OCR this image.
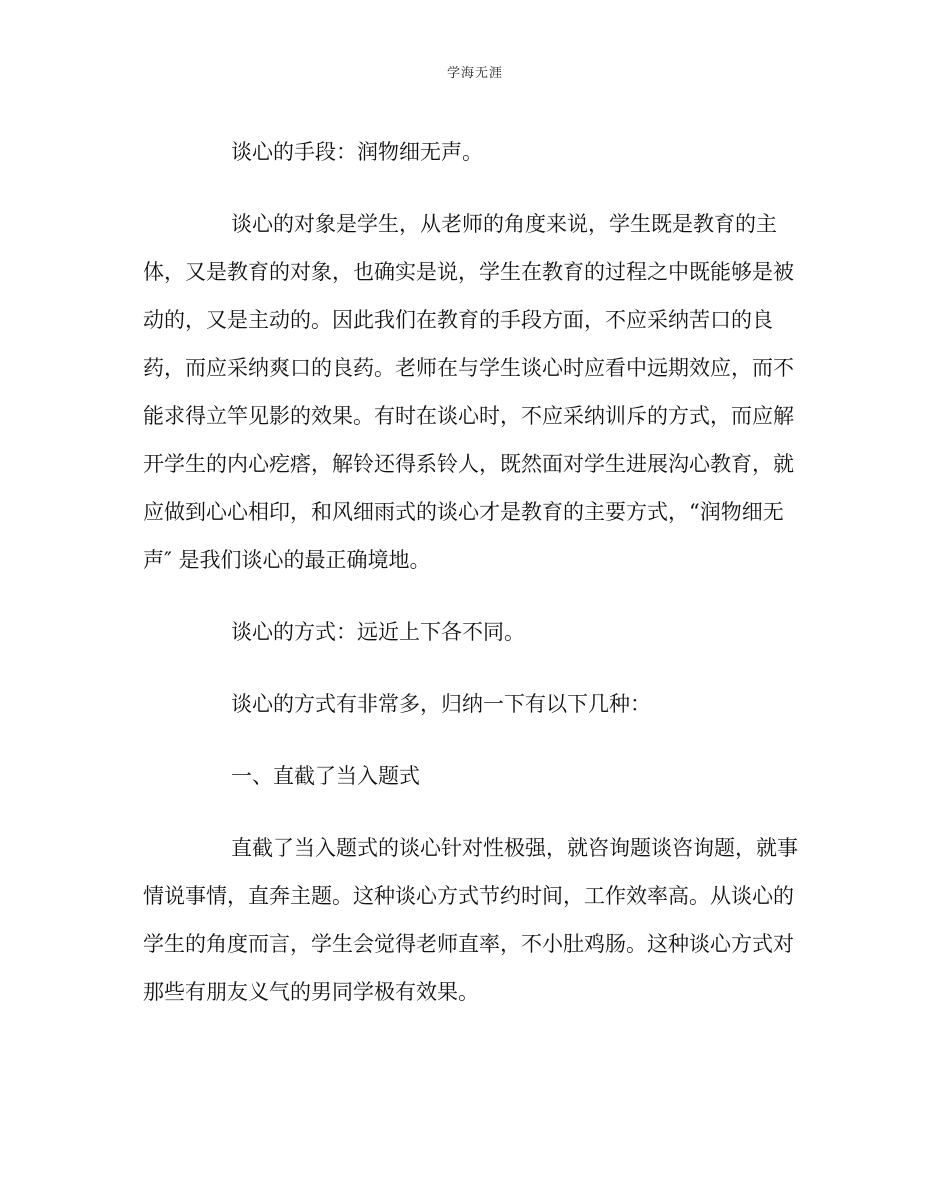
学海无涯

谈心的手段：润物细无声。

谈心的对象是学生，从老师的角度来说，学生既是教育的主体，又是教育的对象，也确实是说，学生在教育的过程之中既能够是被动的，又是主动的。因此我们在教育的手段方面，不应采纳苦口的良药，而应采纳爽口的良药。老师在与学生谈心时应看中远期效应，而不能求得立竿见影的效果。有时在谈心时，不应采纳训斥的方式，而应解开学生的内心疙瘩，解铃还得系铃人，既然面对学生进展沟心教育，就应做到心心相印，和风细雨式的谈心才是教育的主要方式，“润物细无声″ 是我们谈心的最正确境地。

谈心的方式：远近上下各不同。

谈心的方式有非常多，归纳一下有以下几种：

一、直截了当入题式

直截了当入题式的谈心针对性极强，就咨询题谈咨询题，就事情说事情，直奔主题。这种谈心方式节约时间，工作效率高。从谈心的学生的角度而言，学生会觉得老师直率，不小肚鸡肠。这种谈心方式对那些有朋友义气的男同学极有效果。
